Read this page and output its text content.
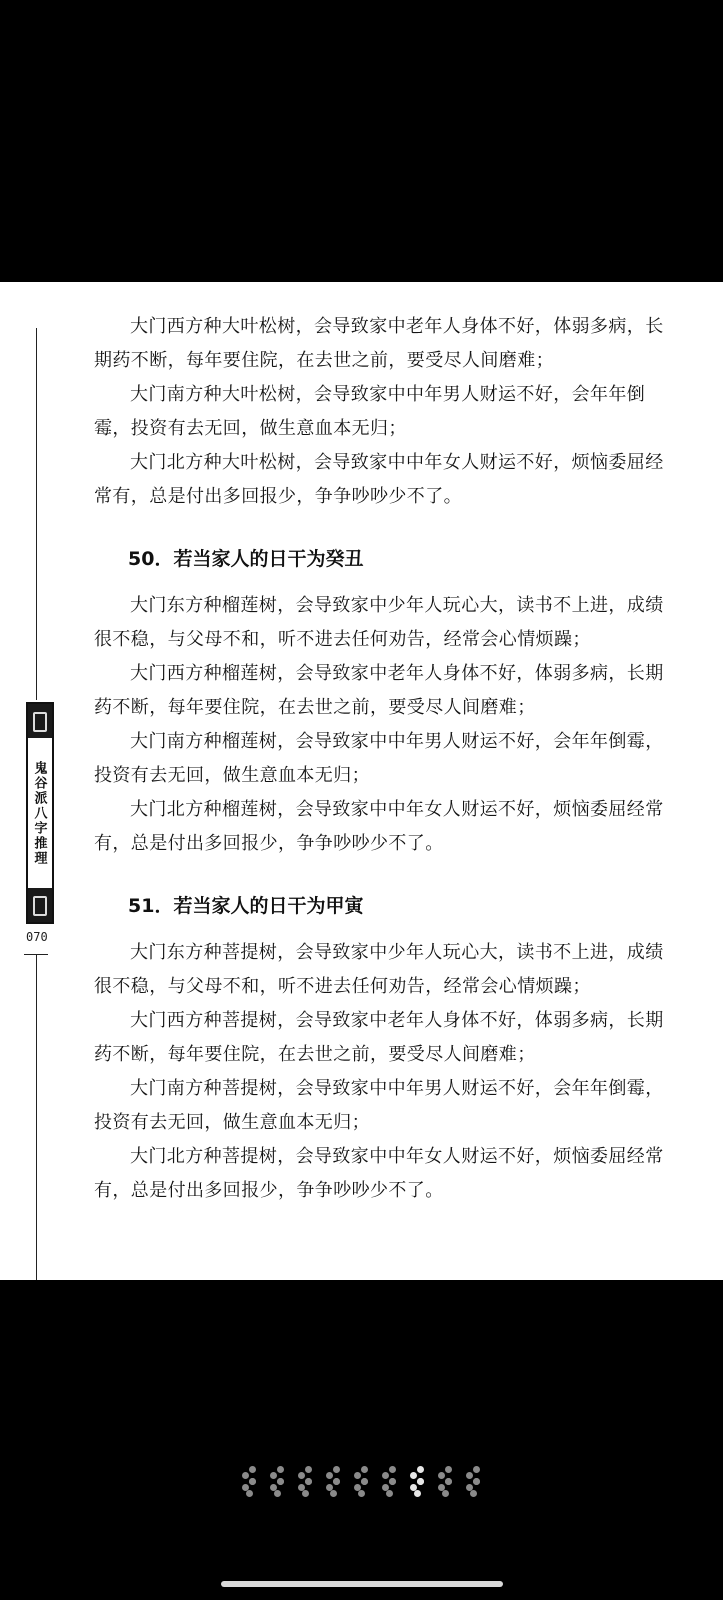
鬼谷派八字推理
070

大门西方种大叶松树，会导致家中老年人身体不好，体弱多病，长期药不断，每年要住院，在去世之前，要受尽人间磨难；

大门南方种大叶松树，会导致家中中年男人财运不好，会年年倒霉，投资有去无回，做生意血本无归；

大门北方种大叶松树，会导致家中中年女人财运不好，烦恼委屈经常有，总是付出多回报少，争争吵吵少不了。

50．若当家人的日干为癸丑

大门东方种榴莲树，会导致家中少年人玩心大，读书不上进，成绩很不稳，与父母不和，听不进去任何劝告，经常会心情烦躁；

大门西方种榴莲树，会导致家中老年人身体不好，体弱多病，长期药不断，每年要住院，在去世之前，要受尽人间磨难；

大门南方种榴莲树，会导致家中中年男人财运不好，会年年倒霉，投资有去无回，做生意血本无归；

大门北方种榴莲树，会导致家中中年女人财运不好，烦恼委屈经常有，总是付出多回报少，争争吵吵少不了。

51．若当家人的日干为甲寅

大门东方种菩提树，会导致家中少年人玩心大，读书不上进，成绩很不稳，与父母不和，听不进去任何劝告，经常会心情烦躁；

大门西方种菩提树，会导致家中老年人身体不好，体弱多病，长期药不断，每年要住院，在去世之前，要受尽人间磨难；

大门南方种菩提树，会导致家中中年男人财运不好，会年年倒霉，投资有去无回，做生意血本无归；

大门北方种菩提树，会导致家中中年女人财运不好，烦恼委屈经常有，总是付出多回报少，争争吵吵少不了。
